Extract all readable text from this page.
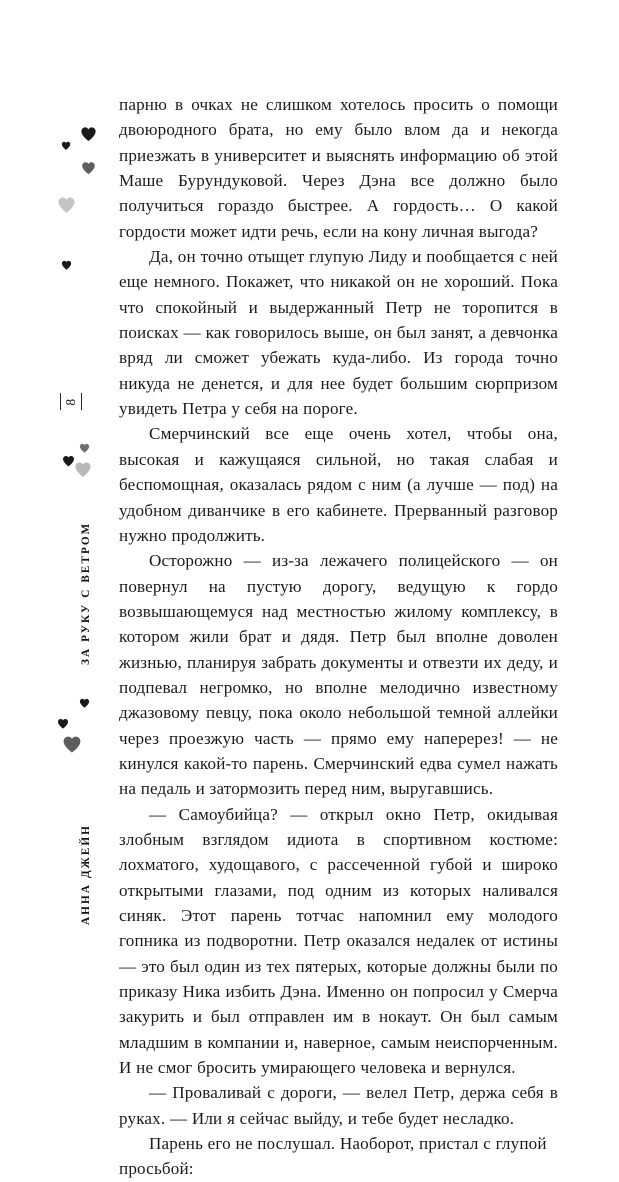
8
ЗА РУКУ С ВЕТРОМ
АННА ДЖЕЙН

парню в очках не слишком хотелось просить о помощи двоюродного брата, но ему было влом да и некогда приезжать в университет и выяснять информацию об этой Маше Бурундуковой. Через Дэна все должно было получиться гораздо быстрее. А гордость… О какой гордости может идти речь, если на кону личная выгода?

Да, он точно отыщет глупую Лиду и пообщается с ней еще немного. Покажет, что никакой он не хороший. Пока что спокойный и выдержанный Петр не торопится в поисках — как говорилось выше, он был занят, а девчонка вряд ли сможет убежать куда-либо. Из города точно никуда не денется, и для нее будет большим сюрпризом увидеть Петра у себя на пороге.

Смерчинский все еще очень хотел, чтобы она, высокая и кажущаяся сильной, но такая слабая и беспомощная, оказалась рядом с ним (а лучше — под) на удобном диванчике в его кабинете. Прерванный разговор нужно продолжить.

Осторожно — из-за лежачего полицейского — он повернул на пустую дорогу, ведущую к гордо возвышающемуся над местностью жилому комплексу, в котором жили брат и дядя. Петр был вполне доволен жизнью, планируя забрать документы и отвезти их деду, и подпевал негромко, но вполне мелодично известному джазовому певцу, пока около небольшой темной аллейки через проезжую часть — прямо ему наперерез! — не кинулся какой-то парень. Смерчинский едва сумел нажать на педаль и затормозить перед ним, выругавшись.

— Самоубийца? — открыл окно Петр, окидывая злобным взглядом идиота в спортивном костюме: лохматого, худощавого, с рассеченной губой и широко открытыми глазами, под одним из которых наливался синяк. Этот парень тотчас напомнил ему молодого гопника из подворотни. Петр оказался недалек от истины — это был один из тех пятерых, которые должны были по приказу Ника избить Дэна. Именно он попросил у Смерча закурить и был отправлен им в нокаут. Он был самым младшим в компании и, наверное, самым неиспорченным. И не смог бросить умирающего человека и вернулся.

— Проваливай с дороги, — велел Петр, держа себя в руках. — Или я сейчас выйду, и тебе будет несладко.

Парень его не послушал. Наоборот, пристал с глупой просьбой:
